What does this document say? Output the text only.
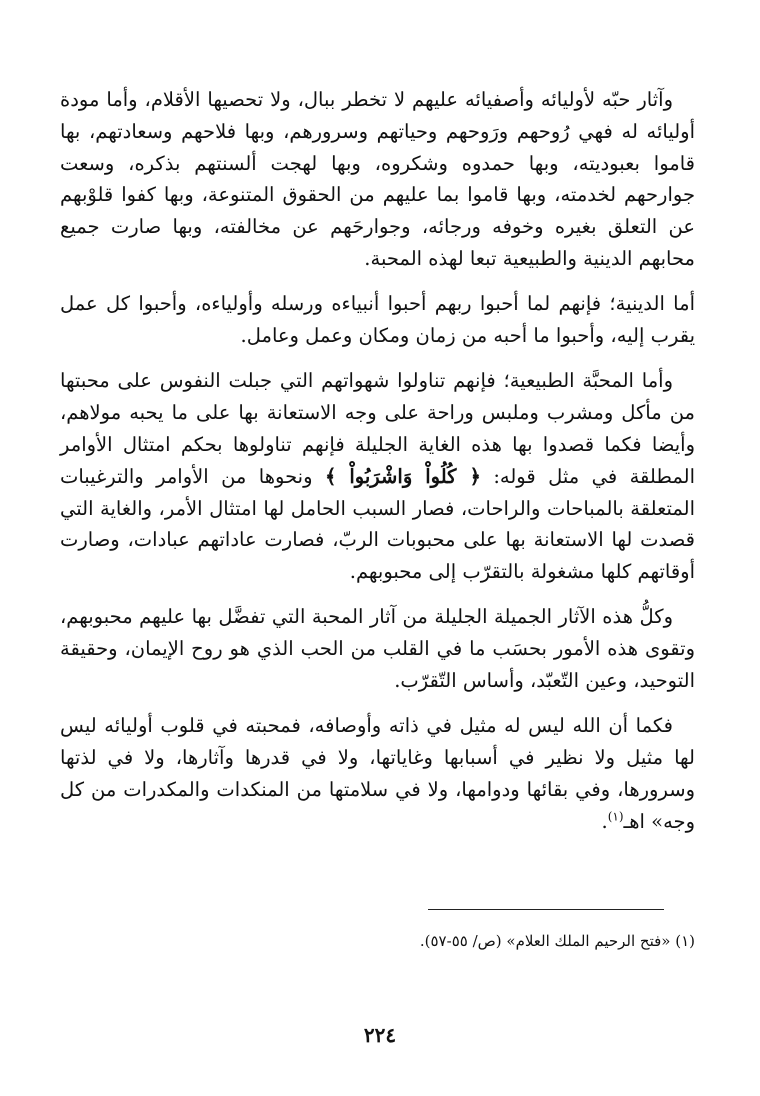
وآثار حبّه لأوليائه وأصفيائه عليهم لا تخطر ببال، ولا تحصيها الأقلام، وأما مودة أوليائه له فهي رُوحهم ورَوحهم وحياتهم وسرورهم، وبها فلاحهم وسعادتهم، بها قاموا بعبوديته، وبها حمدوه وشكروه، وبها لهجت ألسنتهم بذكره، وسعت جوارحهم لخدمته، وبها قاموا بما عليهم من الحقوق المتنوعة، وبها كفوا قلوْبهم عن التعلق بغيره وخوفه ورجائه، وجوارحَهم عن مخالفته، وبها صارت جميع محابهم الدينية والطبيعية تبعا لهذه المحبة.

أما الدينية؛ فإنهم لما أحبوا ربهم أحبوا أنبياءه ورسله وأولياءه، وأحبوا كل عمل يقرب إليه، وأحبوا ما أحبه من زمان ومكان وعمل وعامل.

وأما المحبَّة الطبيعية؛ فإنهم تناولوا شهواتهم التي جبلت النفوس على محبتها من مأكل ومشرب وملبس وراحة على وجه الاستعانة بها على ما يحبه مولاهم، وأيضا فكما قصدوا بها هذه الغاية الجليلة فإنهم تناولوها بحكم امتثال الأوامر المطلقة في مثل قوله: ﴿ كُلُواْ وَاشْرَبُواْ ﴾ ونحوها من الأوامر والترغيبات المتعلقة بالمباحات والراحات، فصار السبب الحامل لها امتثال الأمر، والغاية التي قصدت لها الاستعانة بها على محبوبات الربّ، فصارت عاداتهم عبادات، وصارت أوقاتهم كلها مشغولة بالتقرّب إلى محبوبهم.

وكلُّ هذه الآثار الجميلة الجليلة من آثار المحبة التي تفضَّل بها عليهم محبوبهم، وتقوى هذه الأمور بحسَب ما في القلب من الحب الذي هو روح الإيمان، وحقيقة التوحيد، وعين التّعبّد، وأساس التّقرّب.

فكما أن الله ليس له مثيل في ذاته وأوصافه، فمحبته في قلوب أوليائه ليس لها مثيل ولا نظير في أسبابها وغاياتها، ولا في قدرها وآثارها، ولا في لذتها وسرورها، وفي بقائها ودوامها، ولا في سلامتها من المنكدات والمكدرات من كل وجه» اهـ$^{(١)}$.

(١) «فتح الرحيم الملك العلام» (ص/ ٥٥-٥٧).
٢٢٤
